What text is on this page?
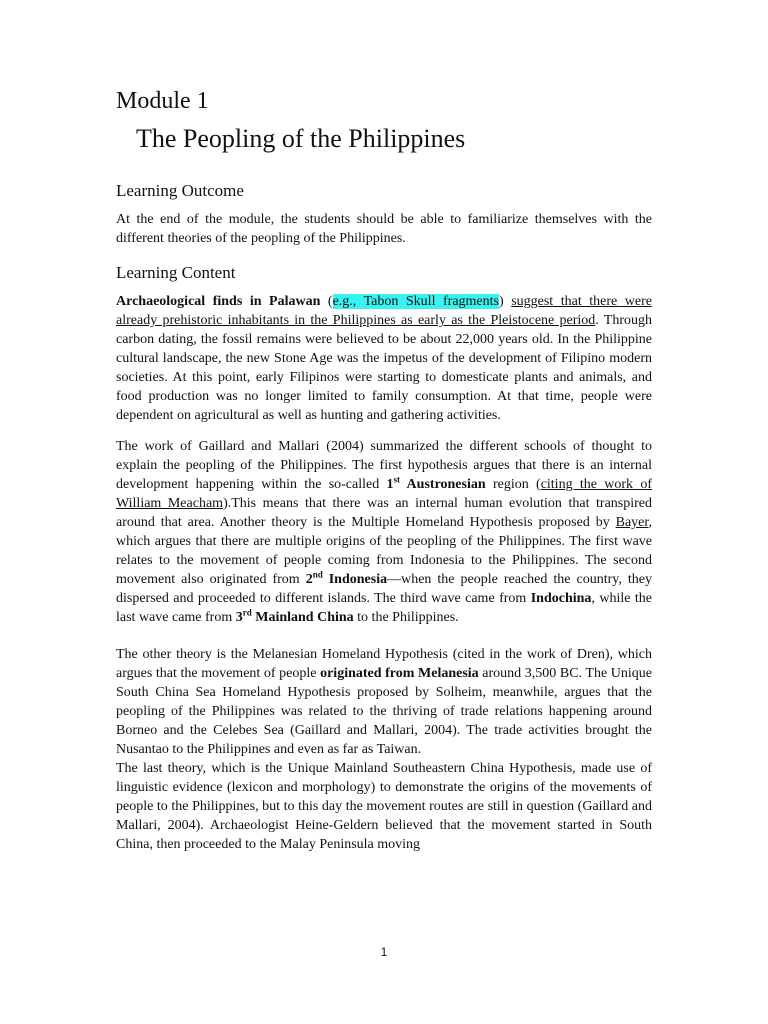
Module 1
The Peopling of the Philippines
Learning Outcome

At the end of the module, the students should be able to familiarize themselves with the different theories of the peopling of the Philippines.

Learning Content

Archaeological finds in Palawan (e.g., Tabon Skull fragments) suggest that there were already prehistoric inhabitants in the Philippines as early as the Pleistocene period. Through carbon dating, the fossil remains were believed to be about 22,000 years old. In the Philippine cultural landscape, the new Stone Age was the impetus of the development of Filipino modern societies. At this point, early Filipinos were starting to domesticate plants and animals, and food production was no longer limited to family consumption. At that time, people were dependent on agricultural as well as hunting and gathering activities.

The work of Gaillard and Mallari (2004) summarized the different schools of thought to explain the peopling of the Philippines. The first hypothesis argues that there is an internal development happening within the so-called 1st Austronesian region (citing the work of William Meacham).This means that there was an internal human evolution that transpired around that area. Another theory is the Multiple Homeland Hypothesis proposed by Bayer, which argues that there are multiple origins of the peopling of the Philippines. The first wave relates to the movement of people coming from Indonesia to the Philippines. The second movement also originated from 2nd Indonesia—when the people reached the country, they dispersed and proceeded to different islands. The third wave came from Indochina, while the last wave came from 3rd Mainland China to the Philippines.

The other theory is the Melanesian Homeland Hypothesis (cited in the work of Dren), which argues that the movement of people originated from Melanesia around 3,500 BC. The Unique South China Sea Homeland Hypothesis proposed by Solheim, meanwhile, argues that the peopling of the Philippines was related to the thriving of trade relations happening around Borneo and the Celebes Sea (Gaillard and Mallari, 2004). The trade activities brought the Nusantao to the Philippines and even as far as Taiwan.

The last theory, which is the Unique Mainland Southeastern China Hypothesis, made use of linguistic evidence (lexicon and morphology) to demonstrate the origins of the movements of people to the Philippines, but to this day the movement routes are still in question (Gaillard and Mallari, 2004). Archaeologist Heine-Geldern believed that the movement started in South China, then proceeded to the Malay Peninsula moving

1
